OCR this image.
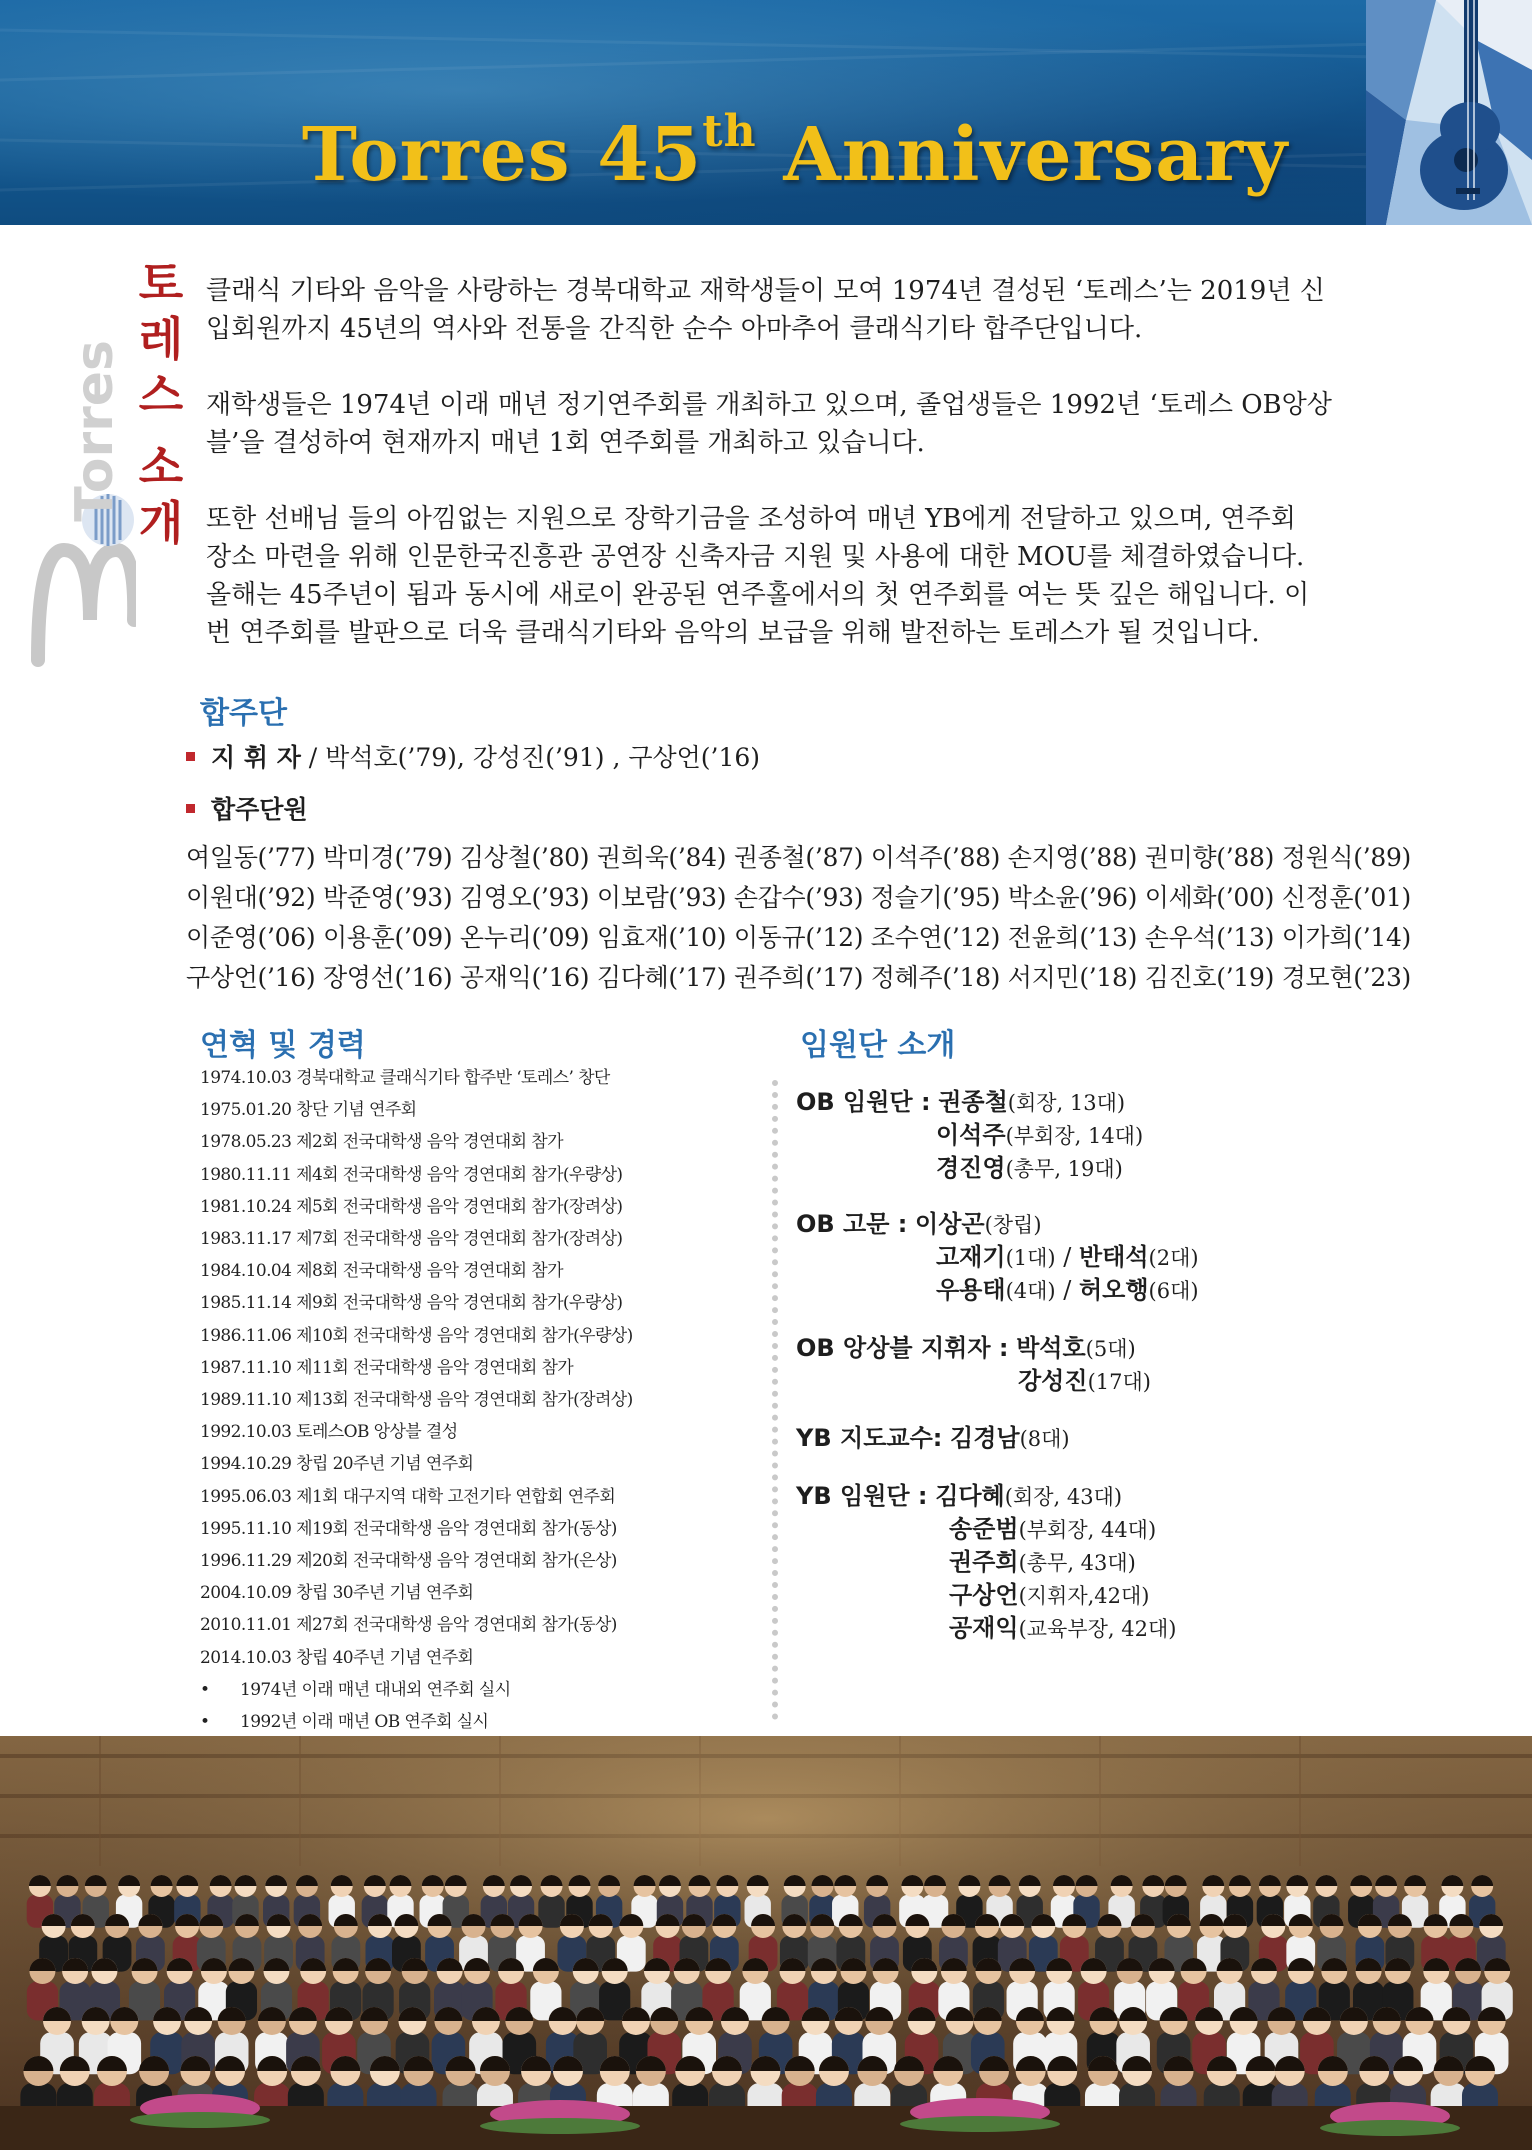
Torres 45th Anniversary
토
레
스
소
개
Torres

클래식 기타와 음악을 사랑하는 경북대학교 재학생들이 모여 1974년 결성된 ‘토레스’는 2019년 신
입회원까지 45년의 역사와 전통을 간직한 순수 아마추어 클래식기타 합주단입니다.

재학생들은 1974년 이래 매년 정기연주회를 개최하고 있으며, 졸업생들은 1992년 ‘토레스 OB앙상
블’을 결성하여 현재까지 매년 1회 연주회를 개최하고 있습니다.

또한 선배님 들의 아낌없는 지원으로 장학기금을 조성하여 매년 YB에게 전달하고 있으며, 연주회
장소 마련을 위해 인문한국진흥관 공연장 신축자금 지원 및 사용에 대한 MOU를 체결하였습니다.
올해는 45주년이 됨과 동시에 새로이 완공된 연주홀에서의 첫 연주회를 여는 뜻 깊은 해입니다. 이
번 연주회를 발판으로 더욱 클래식기타와 음악의 보급을 위해 발전하는 토레스가 될 것입니다.

합주단
지 휘 자 / 박석호(’79), 강성진(’91) , 구상언(’16)
합주단원
여일동(’77) 박미경(’79) 김상철(’80) 권희욱(’84) 권종철(’87) 이석주(’88) 손지영(’88) 권미향(’88) 정원식(’89)
이원대(’92) 박준영(’93) 김영오(’93) 이보람(’93) 손갑수(’93) 정슬기(’95) 박소윤(’96) 이세화(’00) 신정훈(’01)
이준영(’06) 이용훈(’09) 온누리(’09) 임효재(’10) 이동규(’12) 조수연(’12) 전윤희(’13) 손우석(’13) 이가희(’14)
구상언(’16) 장영선(’16) 공재익(’16) 김다혜(’17) 권주희(’17) 정혜주(’18) 서지민(’18) 김진호(’19) 경모현(’23)
연혁 및 경력
1974.10.03 경북대학교 클래식기타 합주반 ‘토레스’ 창단
1975.01.20 창단 기념 연주회
1978.05.23 제2회 전국대학생 음악 경연대회 참가
1980.11.11 제4회 전국대학생 음악 경연대회 참가(우량상)
1981.10.24 제5회 전국대학생 음악 경연대회 참가(장려상)
1983.11.17 제7회 전국대학생 음악 경연대회 참가(장려상)
1984.10.04 제8회 전국대학생 음악 경연대회 참가
1985.11.14 제9회 전국대학생 음악 경연대회 참가(우량상)
1986.11.06 제10회 전국대학생 음악 경연대회 참가(우량상)
1987.11.10 제11회 전국대학생 음악 경연대회 참가
1989.11.10 제13회 전국대학생 음악 경연대회 참가(장려상)
1992.10.03 토레스OB 앙상블 결성
1994.10.29 창립 20주년 기념 연주회
1995.06.03 제1회 대구지역 대학 고전기타 연합회 연주회
1995.11.10 제19회 전국대학생 음악 경연대회 참가(동상)
1996.11.29 제20회 전국대학생 음악 경연대회 참가(은상)
2004.10.09 창립 30주년 기념 연주회
2010.11.01 제27회 전국대학생 음악 경연대회 참가(동상)
2014.10.03 창립 40주년 기념 연주회
• 1974년 이래 매년 대내외 연주회 실시
• 1992년 이래 매년 OB 연주회 실시
임원단 소개
OB 임원단 : 권종철(회장, 13대)
이석주(부회장, 14대)
경진영(총무, 19대)
OB 고문 : 이상곤(창립)
고재기(1대) / 반태석(2대)
우용태(4대) / 허오행(6대)
OB 앙상블 지휘자 : 박석호(5대)
강성진(17대)
YB 지도교수: 김경남(8대)
YB 임원단 : 김다혜(회장, 43대)
송준범(부회장, 44대)
권주희(총무, 43대)
구상언(지휘자,42대)
공재익(교육부장, 42대)
